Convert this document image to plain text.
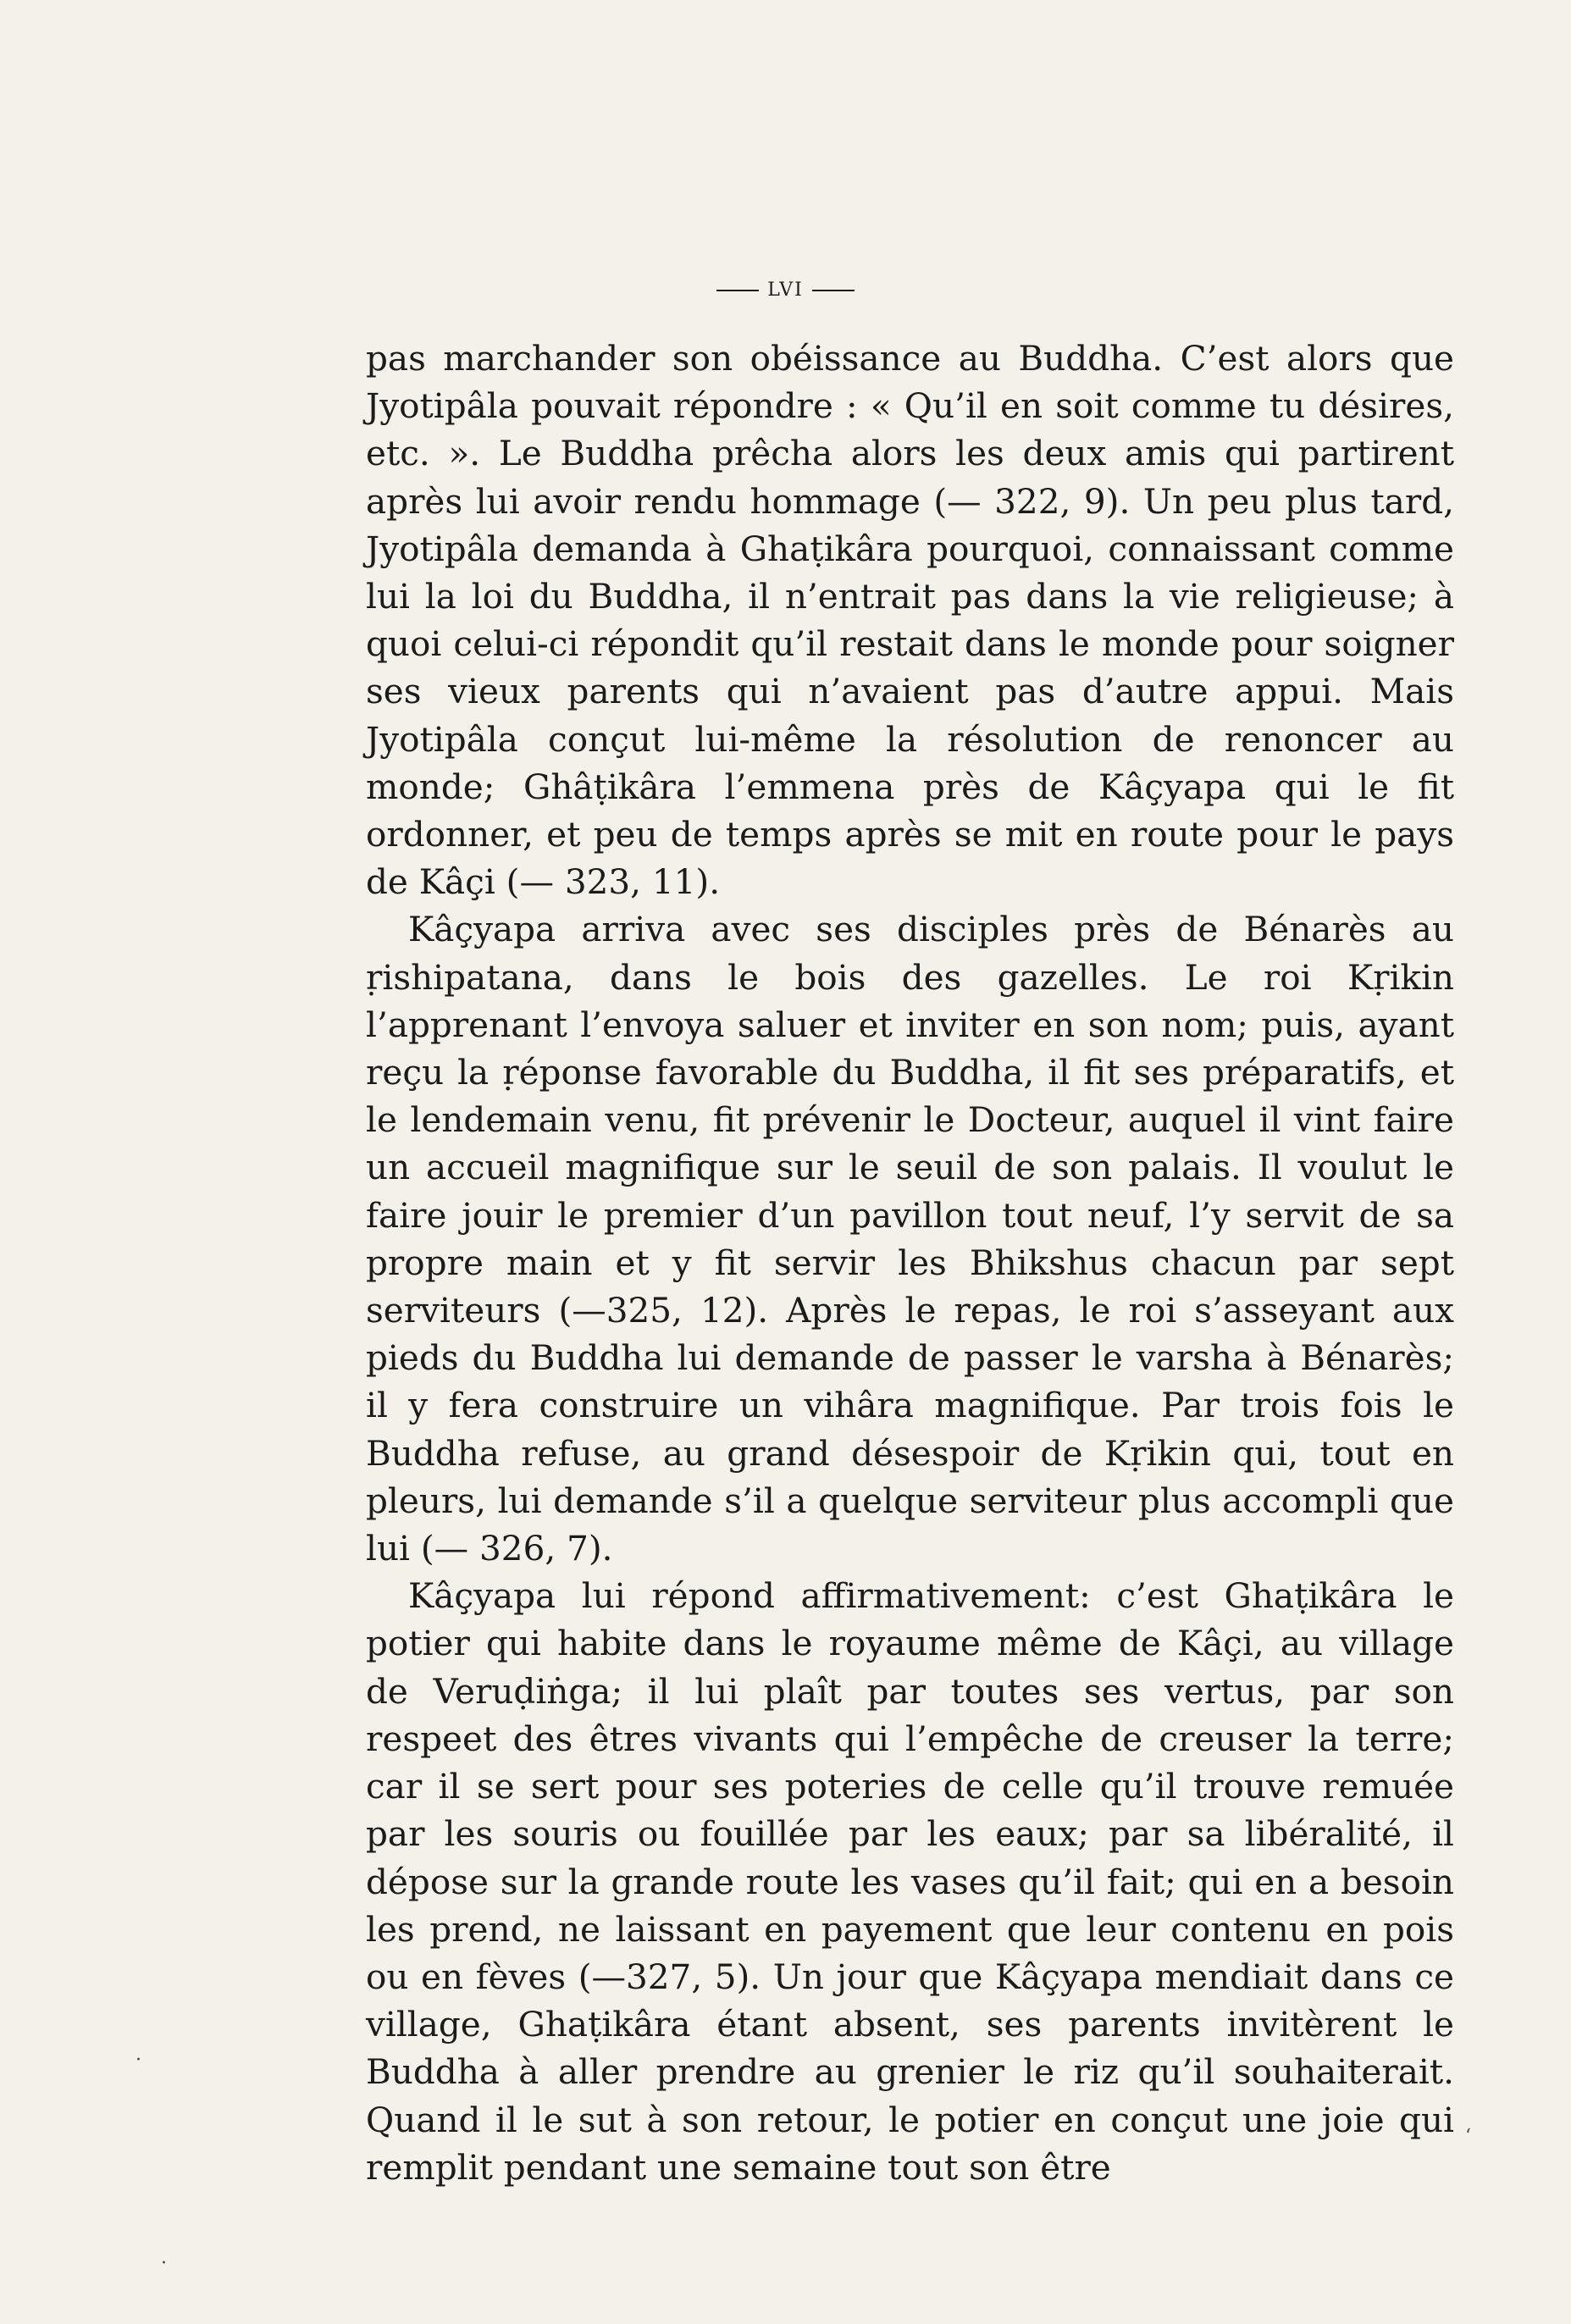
LVI

pas marchander son obéissance au Buddha. C’est alors que Jyotipâla pouvait répondre : « Qu’il en soit comme tu désires, etc. ». Le Buddha prêcha alors les deux amis qui partirent après lui avoir rendu hommage (— 322, 9). Un peu plus tard, Jyotipâla demanda à Ghaṭikâra pourquoi, connaissant comme lui la loi du Buddha, il n’entrait pas dans la vie religieuse; à quoi celui-ci répondit qu’il restait dans le monde pour soigner ses vieux parents qui n’avaient pas d’autre appui. Mais Jyotipâla conçut lui-même la résolution de renoncer au monde; Ghâṭikâra l’emmena près de Kâçyapa qui le fit ordonner, et peu de temps après se mit en route pour le pays de Kâçi (— 323, 11).

Kâçyapa arriva avec ses disciples près de Bénarès au ṛishipatana, dans le bois des gazelles. Le roi Kṛikin l’apprenant l’envoya saluer et inviter en son nom; puis, ayant reçu la ṛéponse favorable du Buddha, il fit ses préparatifs, et le lendemain venu, fit prévenir le Docteur, auquel il vint faire un accueil magnifique sur le seuil de son palais. Il voulut le faire jouir le premier d’un pavillon tout neuf, l’y servit de sa propre main et y fit servir les Bhikshus chacun par sept serviteurs (—325, 12). Après le repas, le roi s’asseyant aux pieds du Buddha lui demande de passer le varsha à Bénarès; il y fera construire un vihâra magnifique. Par trois fois le Buddha refuse, au grand désespoir de Kṛikin qui, tout en pleurs, lui demande s’il a quelque serviteur plus accompli que lui (— 326, 7).

Kâçyapa lui répond affirmativement: c’est Ghaṭikâra le potier qui habite dans le royaume même de Kâçi, au village de Veruḍiṅga; il lui plaît par toutes ses vertus, par son respeet des êtres vivants qui l’empêche de creuser la terre; car il se sert pour ses poteries de celle qu’il trouve remuée par les souris ou fouillée par les eaux; par sa libéralité, il dépose sur la grande route les vases qu’il fait; qui en a besoin les prend, ne laissant en payement que leur contenu en pois ou en fèves (—327, 5). Un jour que Kâçyapa mendiait dans ce village, Ghaṭikâra étant absent, ses parents invitèrent le Buddha à aller prendre au grenier le riz qu’il souhaiterait. Quand il le sut à son retour, le potier en conçut une joie qui remplit pendant une semaine tout son être

·
ʻ
·
